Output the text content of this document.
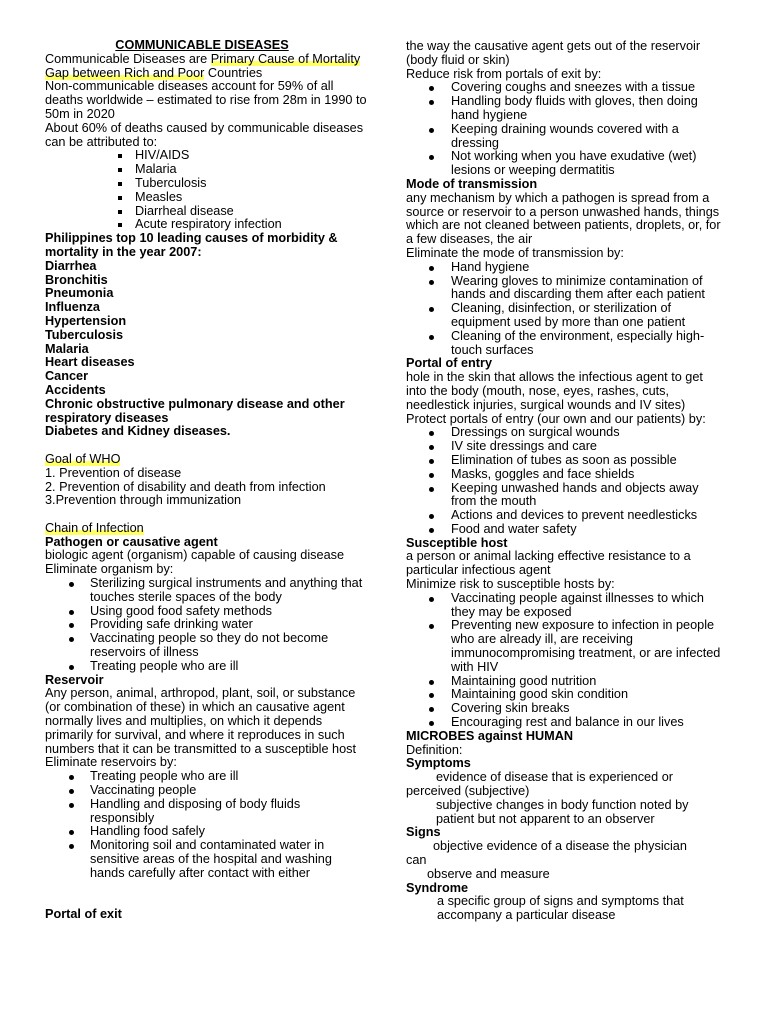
COMMUNICABLE DISEASES
Communicable Diseases are Primary Cause of Mortality Gap between Rich and Poor Countries
Non-communicable diseases account for 59% of all deaths worldwide – estimated to rise from 28m in 1990 to 50m in 2020
About 60% of deaths caused by communicable diseases can be attributed to:
HIV/AIDS
Malaria
Tuberculosis
Measles
Diarrheal disease
Acute respiratory infection
Philippines top 10 leading causes of morbidity & mortality in the year 2007:
Diarrhea
Bronchitis
Pneumonia
Influenza
Hypertension
Tuberculosis
Malaria
Heart diseases
Cancer
Accidents
Chronic obstructive pulmonary disease and other respiratory diseases
Diabetes and Kidney diseases.
Goal of WHO
1. Prevention of disease
2. Prevention of disability and death from infection
3.Prevention through immunization
Chain of Infection
Pathogen or causative agent
biologic agent (organism) capable of causing disease
Eliminate organism by:
Sterilizing surgical instruments and anything that touches sterile spaces of the body
Using good food safety methods
Providing safe drinking water
Vaccinating people so they do not become reservoirs of illness
Treating people who are ill
Reservoir
Any person, animal, arthropod, plant, soil, or substance (or combination of these) in which an causative agent normally lives and multiplies, on which it depends primarily for survival, and where it reproduces in such numbers that it can be transmitted to a susceptible host
Eliminate reservoirs by:
Treating people who are ill
Vaccinating people
Handling and disposing of body fluids responsibly
Handling food safely
Monitoring soil and contaminated water in sensitive areas of the hospital and washing hands carefully after contact with either
Portal of exit
the way the causative agent gets out of the reservoir (body fluid or skin)
Reduce risk from portals of exit by:
Covering coughs and sneezes with a tissue
Handling body fluids with gloves, then doing hand hygiene
Keeping draining wounds covered with a dressing
Not working when you have exudative (wet) lesions or weeping dermatitis
Mode of transmission
any mechanism by which a pathogen is spread from a source or reservoir to a person unwashed hands, things which are not cleaned between patients, droplets, or, for a few diseases, the air
Eliminate the mode of transmission by:
Hand hygiene
Wearing gloves to minimize contamination of hands and discarding them after each patient
Cleaning, disinfection, or sterilization of equipment used by more than one patient
Cleaning of the environment, especially high-touch surfaces
Portal of entry
hole in the skin that allows the infectious agent to get into the body (mouth, nose, eyes, rashes, cuts, needlestick injuries, surgical wounds and IV sites)
Protect portals of entry (our own and our patients) by:
Dressings on surgical wounds
IV site dressings and care
Elimination of tubes as soon as possible
Masks, goggles and face shields
Keeping unwashed hands and objects away from the mouth
Actions and devices to prevent needlesticks
Food and water safety
Susceptible host
a person or animal lacking effective resistance to a particular infectious agent
Minimize risk to susceptible hosts by:
Vaccinating people against illnesses to which they may be exposed
Preventing new exposure to infection in people who are already ill, are receiving immunocompromising treatment, or are infected with HIV
Maintaining good nutrition
Maintaining good skin condition
Covering skin breaks
Encouraging rest and balance in our lives
MICROBES against HUMAN
Definition:
Symptoms
evidence of disease that is experienced or
perceived (subjective)
subjective changes in body function noted by patient but not apparent to an observer
Signs
objective evidence of a disease the physician
can
observe and measure
Syndrome
a specific group of signs and symptoms that accompany a particular disease
